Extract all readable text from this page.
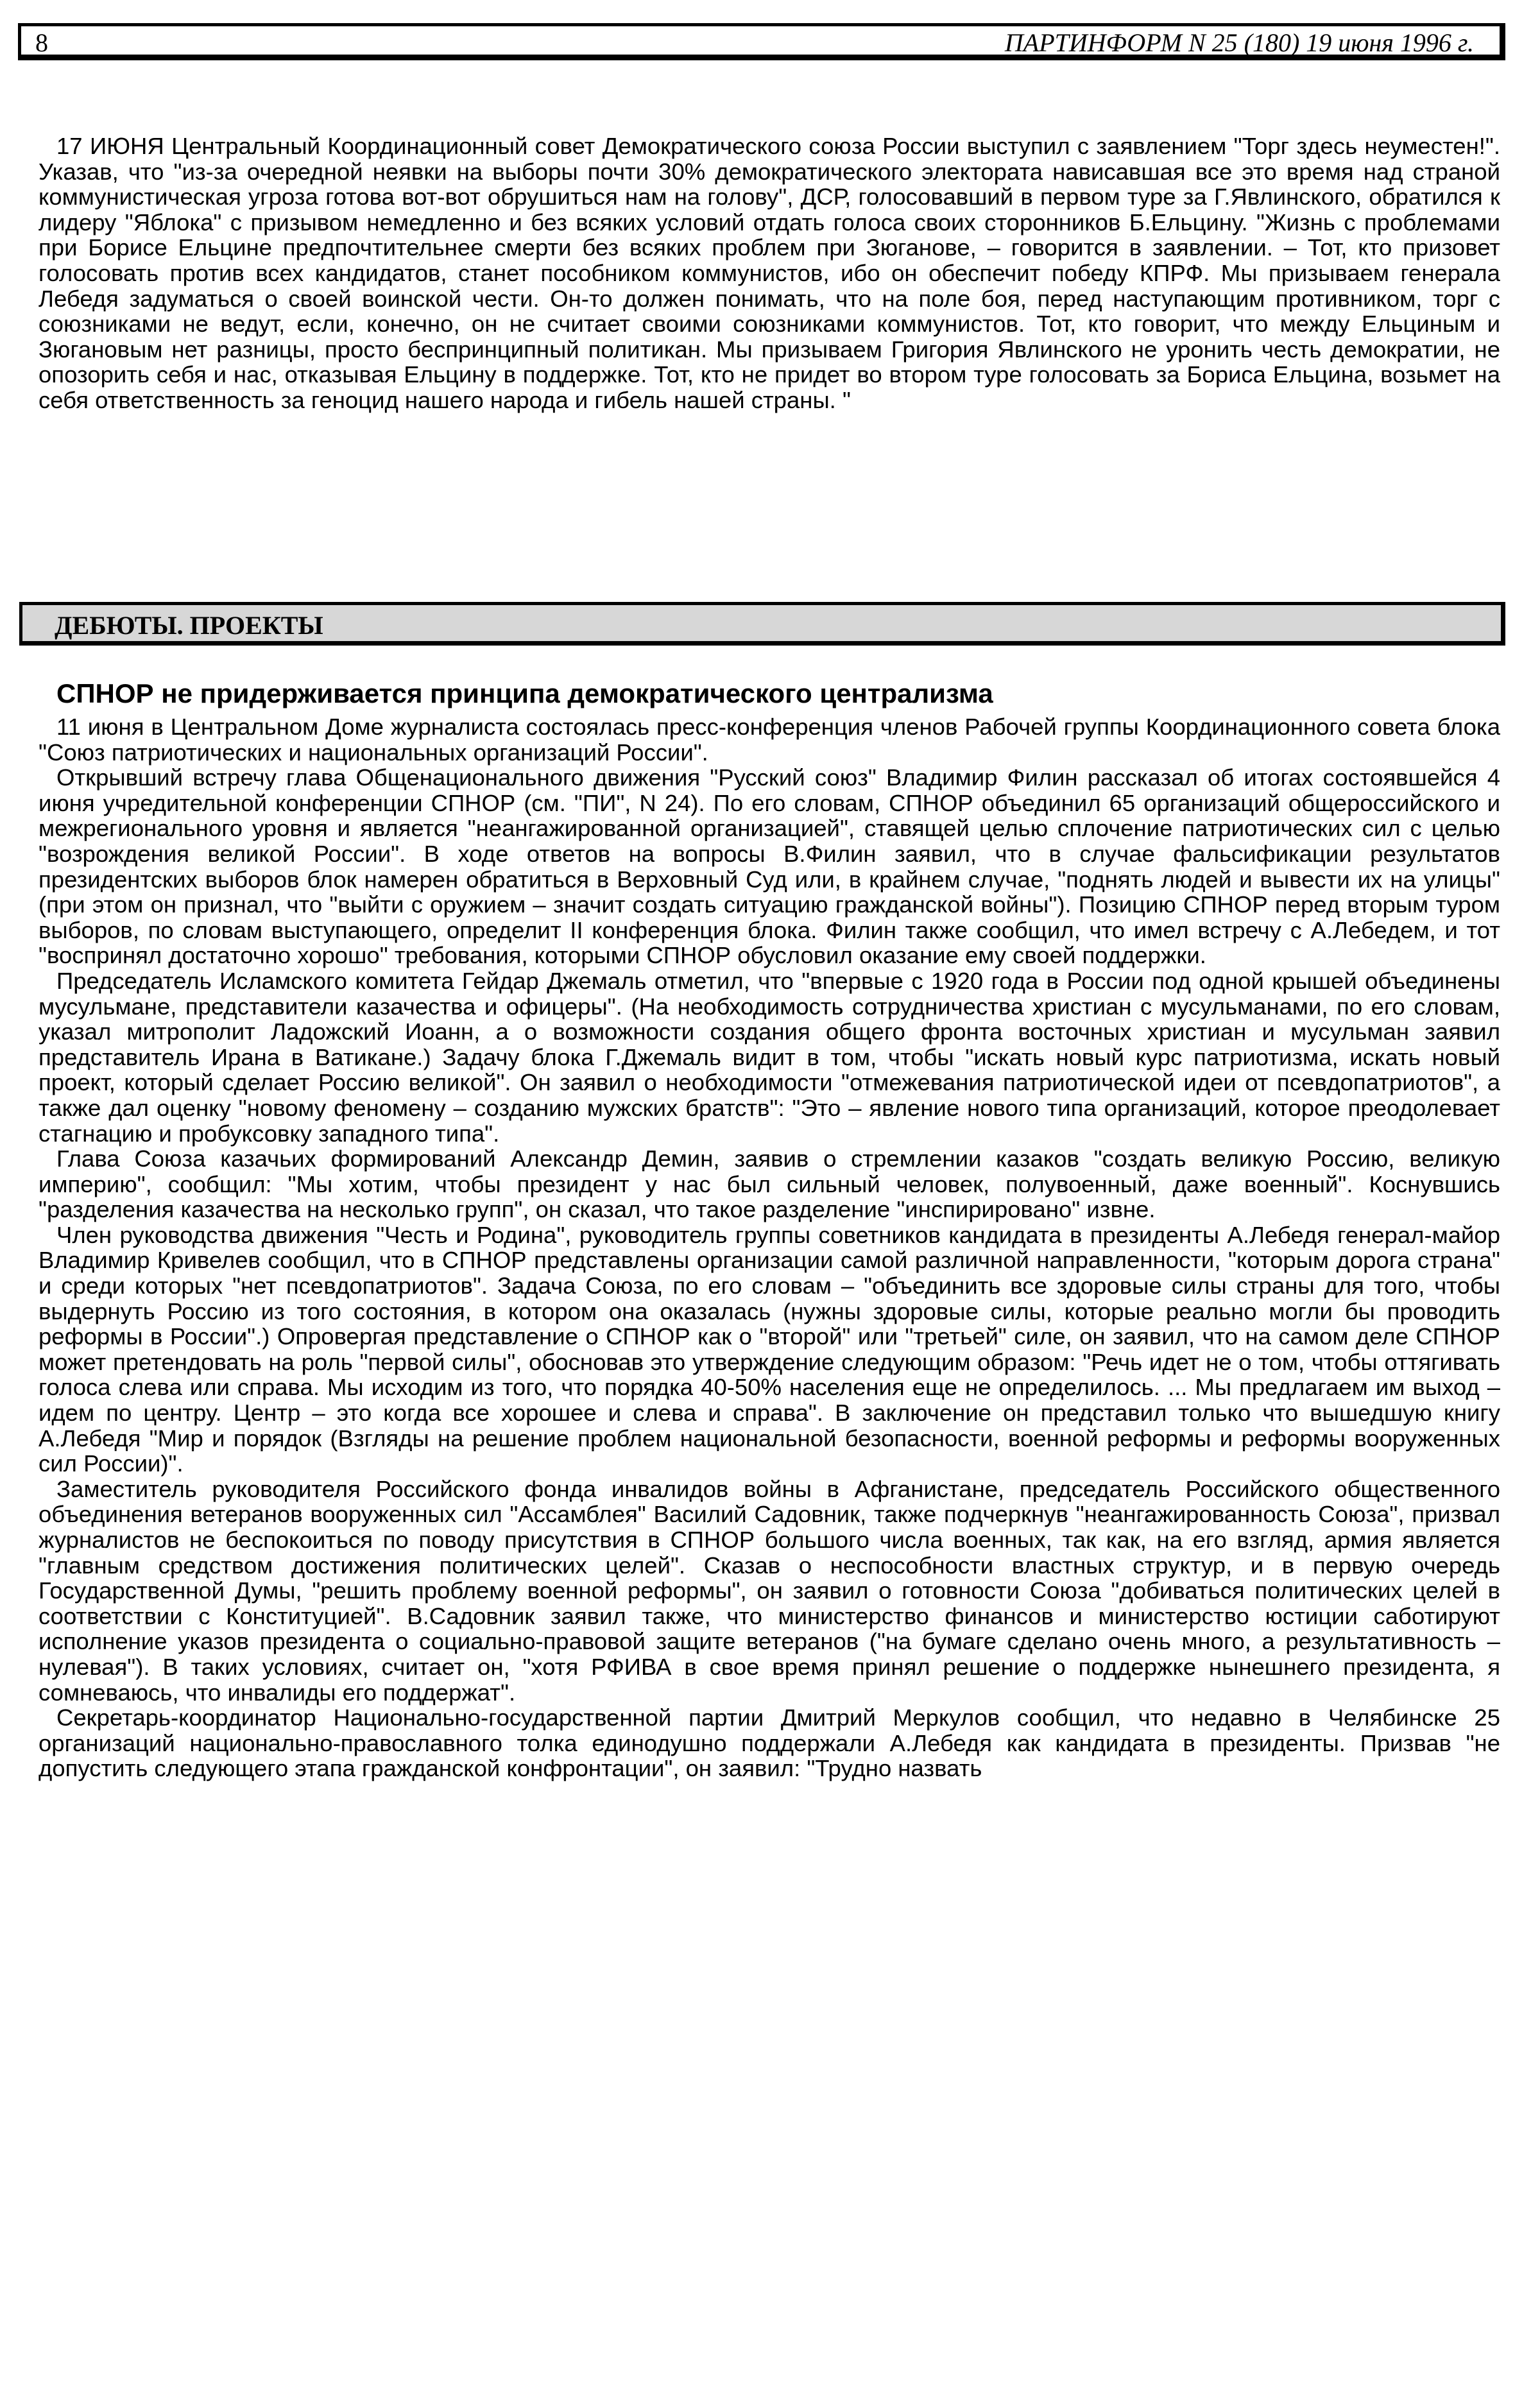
8	ПАРТИНФОРМ N 25 (180) 19 июня 1996 г.

17 ИЮНЯ Центральный Координационный совет Демократического союза России выступил с заявлением "Торг здесь неуместен!". Указав, что "из-за очередной неявки на выборы почти 30% демократического электората нависавшая все это время над страной коммунистическая угроза готова вот-вот обрушиться нам на голову", ДСР, голосовавший в первом туре за Г.Явлинского, обратился к лидеру "Яблока" с призывом немедленно и без всяких условий отдать голоса своих сторонников Б.Ельцину. "Жизнь с проблемами при Борисе Ельцине предпочтительнее смерти без всяких проблем при Зюганове, – говорится в заявлении. – Тот, кто призовет голосовать против всех кандидатов, станет пособником коммунистов, ибо он обеспечит победу КПРФ. Мы призываем генерала Лебедя задуматься о своей воинской чести. Он-то должен понимать, что на поле боя, перед наступающим противником, торг с союзниками не ведут, если, конечно, он не считает своими союзниками коммунистов. Тот, кто говорит, что между Ельциным и Зюгановым нет разницы, просто беспринципный политикан. Мы призываем Григория Явлинского не уронить честь демократии, не опозорить себя и нас, отказывая Ельцину в поддержке. Тот, кто не придет во втором туре голосовать за Бориса Ельцина, возьмет на себя ответственность за геноцид нашего народа и гибель нашей страны. "

ДЕБЮТЫ. ПРОЕКТЫ
СПНОР не придерживается принципа демократического централизма

11 июня в Центральном Доме журналиста состоялась пресс-конференция членов Рабочей группы Координационного совета блока "Союз патриотических и национальных организаций России".

Открывший встречу глава Общенационального движения "Русский союз" Владимир Филин рассказал об итогах состоявшейся 4 июня учредительной конференции СПНОР (см. "ПИ", N 24). По его словам, СПНОР объединил 65 организаций общероссийского и межрегионального уровня и является "неангажированной организацией", ставящей целью сплочение патриотических сил с целью "возрождения великой России". В ходе ответов на вопросы В.Филин заявил, что в случае фальсификации результатов президентских выборов блок намерен обратиться в Верховный Суд или, в крайнем случае, "поднять людей и вывести их на улицы" (при этом он признал, что "выйти с оружием – значит создать ситуацию гражданской войны"). Позицию СПНОР перед вторым туром выборов, по словам выступающего, определит II конференция блока. Филин также сообщил, что имел встречу с А.Лебедем, и тот "воспринял достаточно хорошо" требования, которыми СПНОР обусловил оказание ему своей поддержки.

Председатель Исламского комитета Гейдар Джемаль отметил, что "впервые с 1920 года в России под одной крышей объединены мусульмане, представители казачества и офицеры". (На необходимость сотрудничества христиан с мусульманами, по его словам, указал митрополит Ладожский Иоанн, а о возможности создания общего фронта восточных христиан и мусульман заявил представитель Ирана в Ватикане.) Задачу блока Г.Джемаль видит в том, чтобы "искать новый курс патриотизма, искать новый проект, который сделает Россию великой". Он заявил о необходимости "отмежевания патриотической идеи от псевдопатриотов", а также дал оценку "новому феномену – созданию мужских братств": "Это – явление нового типа организаций, которое преодолевает стагнацию и пробуксовку западного типа".

Глава Союза казачьих формирований Александр Демин, заявив о стремлении казаков "создать великую Россию, великую империю", сообщил: "Мы хотим, чтобы президент у нас был сильный человек, полувоенный, даже военный". Коснувшись "разделения казачества на несколько групп", он сказал, что такое разделение "инспирировано" извне.

Член руководства движения "Честь и Родина", руководитель группы советников кандидата в президенты А.Лебедя генерал-майор Владимир Кривелев сообщил, что в СПНОР представлены организации самой различной направленности, "которым дорога страна" и среди которых "нет псевдопатриотов". Задача Союза, по его словам – "объединить все здоровые силы страны для того, чтобы выдернуть Россию из того состояния, в котором она оказалась (нужны здоровые силы, которые реально могли бы проводить реформы в России".) Опровергая представление о СПНОР как о "второй" или "третьей" силе, он заявил, что на самом деле СПНОР может претендовать на роль "первой силы", обосновав это утверждение следующим образом: "Речь идет не о том, чтобы оттягивать голоса слева или справа. Мы исходим из того, что порядка 40-50% населения еще не определилось. ... Мы предлагаем им выход – идем по центру. Центр – это когда все хорошее и слева и справа". В заключение он представил только что вышедшую книгу А.Лебедя "Мир и порядок (Взгляды на решение проблем национальной безопасности, военной реформы и реформы вооруженных сил России)".

Заместитель руководителя Российского фонда инвалидов войны в Афганистане, председатель Российского общественного объединения ветеранов вооруженных сил "Ассамблея" Василий Садовник, также подчеркнув "неангажированность Союза", призвал журналистов не беспокоиться по поводу присутствия в СПНОР большого числа военных, так как, на его взгляд, армия является "главным средством достижения политических целей". Сказав о неспособности властных структур, и в первую очередь Государственной Думы, "решить проблему военной реформы", он заявил о готовности Союза "добиваться политических целей в соответствии с Конституцией". В.Садовник заявил также, что министерство финансов и министерство юстиции саботируют исполнение указов президента о социально-правовой защите ветеранов ("на бумаге сделано очень много, а результативность – нулевая"). В таких условиях, считает он, "хотя РФИВА в свое время принял решение о поддержке нынешнего президента, я сомневаюсь, что инвалиды его поддержат".

Секретарь-координатор Национально-государственной партии Дмитрий Меркулов сообщил, что недавно в Челябинске 25 организаций национально-православного толка единодушно поддержали А.Лебедя как кандидата в президенты. Призвав "не допустить следующего этапа гражданской конфронтации", он заявил: "Трудно назвать
